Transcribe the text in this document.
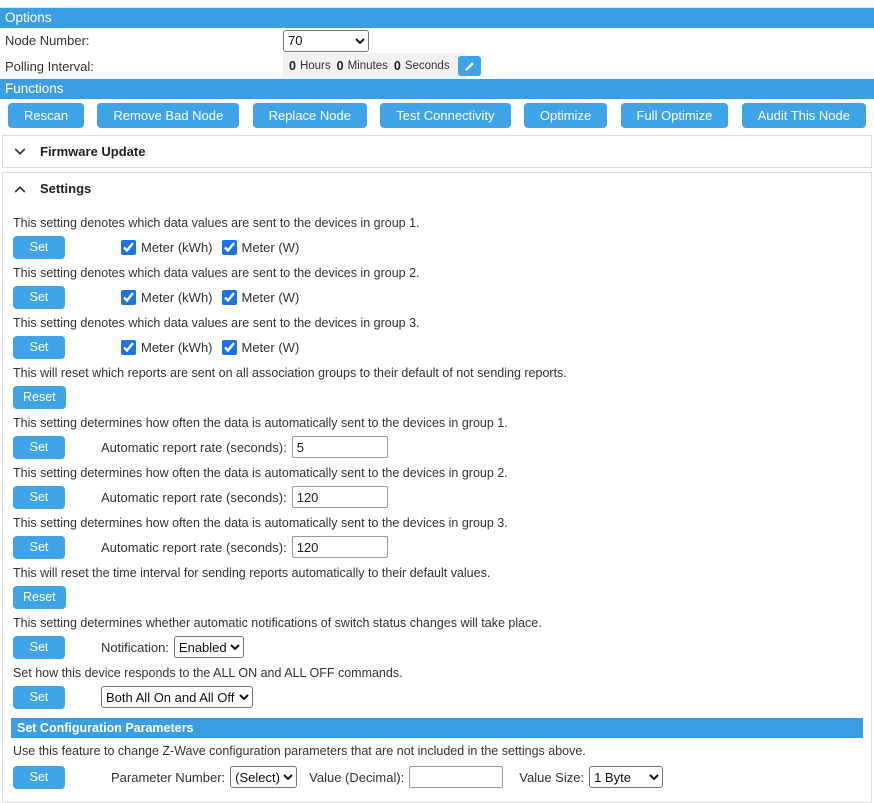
Options
Node Number:
70
Polling Interval:	0 Hours 0 Minutes 0 Seconds
Functions
Rescan	Remove Bad Node	Replace Node	Test Connectivity	Optimize	Full Optimize	Audit This Node
Firmware Update
Settings
This setting denotes which data values are sent to the devices in group 1.
Set	Meter (kWh) Meter (W)
This setting denotes which data values are sent to the devices in group 2.
Set	Meter (kWh) Meter (W)
This setting denotes which data values are sent to the devices in group 3.
Set	Meter (kWh) Meter (W)
This will reset which reports are sent on all association groups to their default of not sending reports.
Reset
This setting determines how often the data is automatically sent to the devices in group 1.
Set	Automatic report rate (seconds):
5
This setting determines how often the data is automatically sent to the devices in group 2.
Set	Automatic report rate (seconds):
120
This setting determines how often the data is automatically sent to the devices in group 3.
Set	Automatic report rate (seconds):
120
This will reset the time interval for sending reports automatically to their default values.
Reset
This setting determines whether automatic notifications of switch status changes will take place.
Set	Notification:
Enabled
Set how this device responds to the ALL ON and ALL OFF commands.
Set
Both All On and All Off
Set Configuration Parameters
Use this feature to change Z-Wave configuration parameters that are not included in the settings above.
Set	Parameter Number:
(Select)	Value (Decimal):	Value Size:
1 Byte
